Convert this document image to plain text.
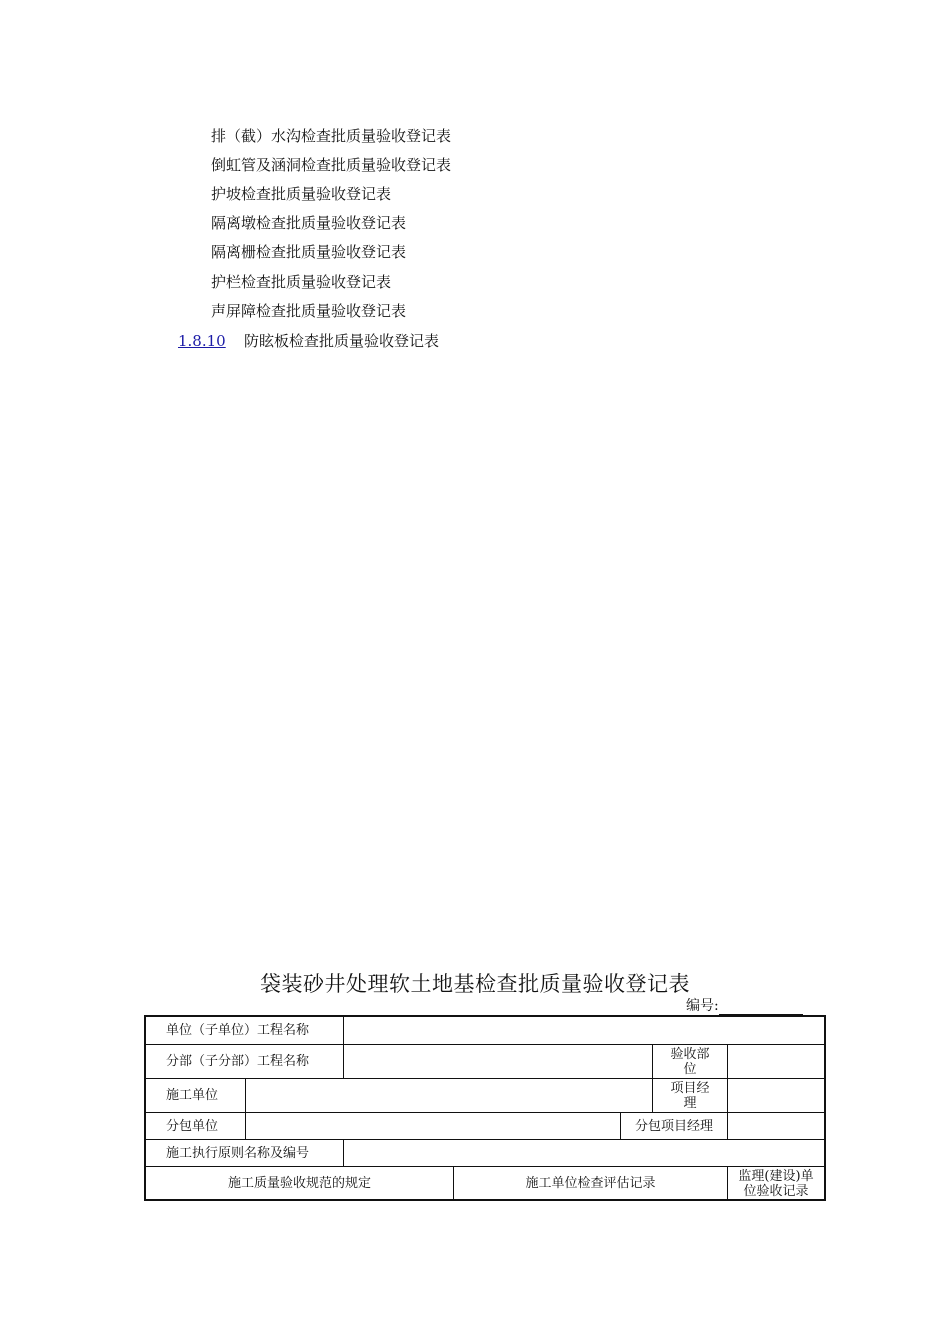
排（截）水沟检查批质量验收登记表
倒虹管及涵洞检查批质量验收登记表
护坡检查批质量验收登记表
隔离墩检查批质量验收登记表
隔离栅检查批质量验收登记表
护栏检查批质量验收登记表
声屏障检查批质量验收登记表
1.8.10 防眩板检查批质量验收登记表
袋装砂井处理软土地基检查批质量验收登记表
编号:
单位（子单位）工程名称
分部（子分部）工程名称	验收部位
施工单位	项目经理
分包单位	分包项目经理
施工执行原则名称及编号
施工质量验收规范的规定	施工单位检查评估记录	监理(建设)单位验收记录
